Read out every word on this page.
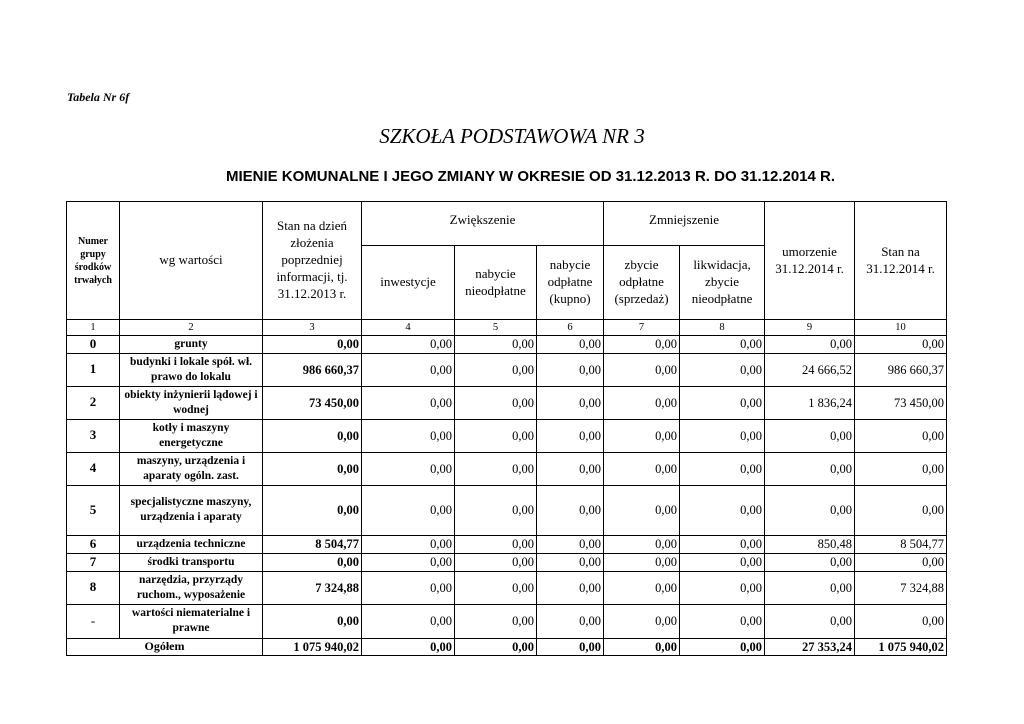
Tabela Nr 6f
SZKOŁA PODSTAWOWA NR 3
MIENIE KOMUNALNE I JEGO ZMIANY W OKRESIE OD 31.12.2013 R. DO 31.12.2014 R.
Numer grupy środków trwałych	wg wartości	Stan na dzień złożenia poprzedniej informacji, tj. 31.12.2013 r.	Zwiększenie			Zmniejszenie		umorzenie 31.12.2014 r.	Stan na 31.12.2014 r.
			inwestycje	nabycie nieodpłatne	nabycie odpłatne (kupno)	zbycie odpłatne (sprzedaż)	likwidacja, zbycie nieodpłatne		
1	2	3	4	5	6	7	8	9	10
0	grunty	0,00	0,00	0,00	0,00	0,00	0,00	0,00	0,00
1	budynki i lokale spół. wł. prawo do lokalu	986 660,37	0,00	0,00	0,00	0,00	0,00	24 666,52	986 660,37
2	obiekty inżynierii lądowej i wodnej	73 450,00	0,00	0,00	0,00	0,00	0,00	1 836,24	73 450,00
3	kotły i maszyny energetyczne	0,00	0,00	0,00	0,00	0,00	0,00	0,00	0,00
4	maszyny, urządzenia i aparaty ogóln. zast.	0,00	0,00	0,00	0,00	0,00	0,00	0,00	0,00
5	specjalistyczne maszyny, urządzenia i aparaty	0,00	0,00	0,00	0,00	0,00	0,00	0,00	0,00
6	urządzenia techniczne	8 504,77	0,00	0,00	0,00	0,00	0,00	850,48	8 504,77
7	środki transportu	0,00	0,00	0,00	0,00	0,00	0,00	0,00	0,00
8	narzędzia, przyrządy ruchom., wyposażenie	7 324,88	0,00	0,00	0,00	0,00	0,00	0,00	7 324,88
-	wartości niematerialne i prawne	0,00	0,00	0,00	0,00	0,00	0,00	0,00	0,00
Ogółem		1 075 940,02	0,00	0,00	0,00	0,00	0,00	27 353,24	1 075 940,02
